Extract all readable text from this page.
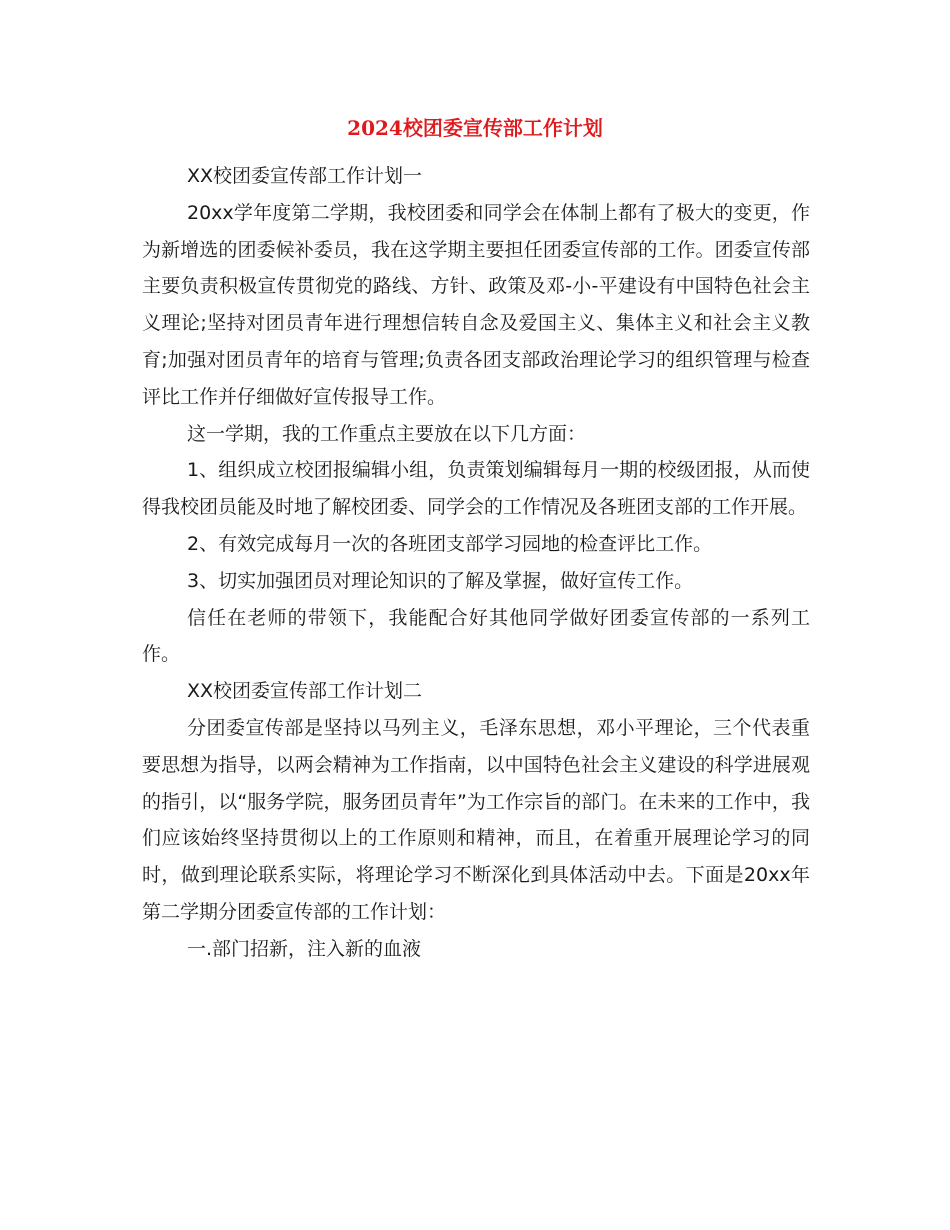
2024校团委宣传部工作计划

XX校团委宣传部工作计划一

20xx学年度第二学期，我校团委和同学会在体制上都有了极大的变更，作为新增选的团委候补委员，我在这学期主要担任团委宣传部的工作。团委宣传部主要负责积极宣传贯彻党的路线、方针、政策及邓-小-平建设有中国特色社会主义理论;坚持对团员青年进行理想信转自念及爱国主义、集体主义和社会主义教育;加强对团员青年的培育与管理;负责各团支部政治理论学习的组织管理与检查评比工作并仔细做好宣传报导工作。

这一学期，我的工作重点主要放在以下几方面：

1、组织成立校团报编辑小组，负责策划编辑每月一期的校级团报，从而使得我校团员能及时地了解校团委、同学会的工作情况及各班团支部的工作开展。

2、有效完成每月一次的各班团支部学习园地的检查评比工作。

3、切实加强团员对理论知识的了解及掌握，做好宣传工作。

信任在老师的带领下，我能配合好其他同学做好团委宣传部的一系列工作。

XX校团委宣传部工作计划二

分团委宣传部是坚持以马列主义，毛泽东思想，邓小平理论，三个代表重要思想为指导，以两会精神为工作指南，以中国特色社会主义建设的科学进展观的指引，以“服务学院，服务团员青年”为工作宗旨的部门。在未来的工作中，我们应该始终坚持贯彻以上的工作原则和精神，而且，在着重开展理论学习的同时，做到理论联系实际，将理论学习不断深化到具体活动中去。下面是20xx年第二学期分团委宣传部的工作计划：

一.部门招新，注入新的血液
